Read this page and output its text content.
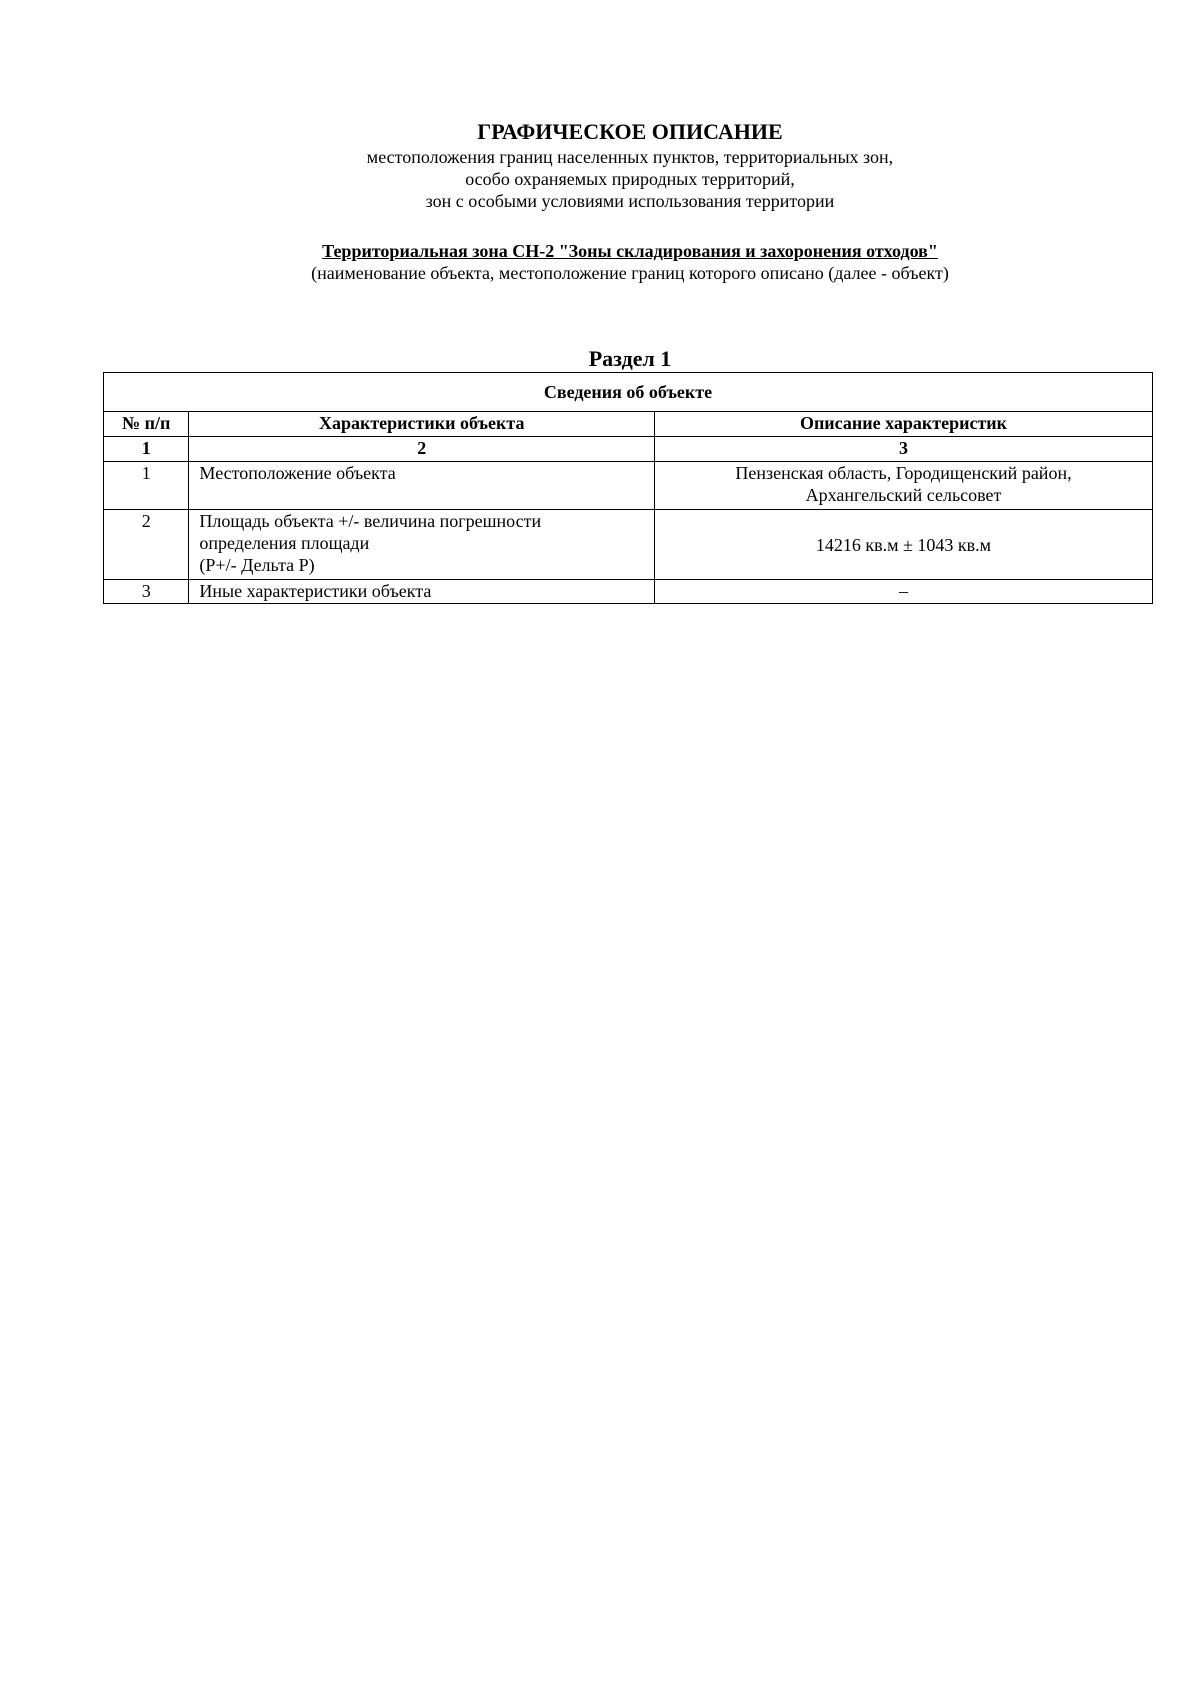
ГРАФИЧЕСКОЕ ОПИСАНИЕ

местоположения границ населенных пунктов, территориальных зон,

особо охраняемых природных территорий,

зон с особыми условиями использования территории

Территориальная зона СН-2 "Зоны складирования и захоронения отходов"

(наименование объекта, местоположение границ которого описано (далее - объект)

Раздел 1

Сведения об объекте		
№ п/п	Характеристики объекта	Описание характеристик
1	2	3
1	Местоположение объекта	Пензенская область, Городищенский район,
Архангельский сельсовет

2	Площадь объекта +/- величина погрешности
определения площади
(Р+/- Дельта Р)	14216 кв.м ± 1043 кв.м

3	Иные характеристики объекта	–
